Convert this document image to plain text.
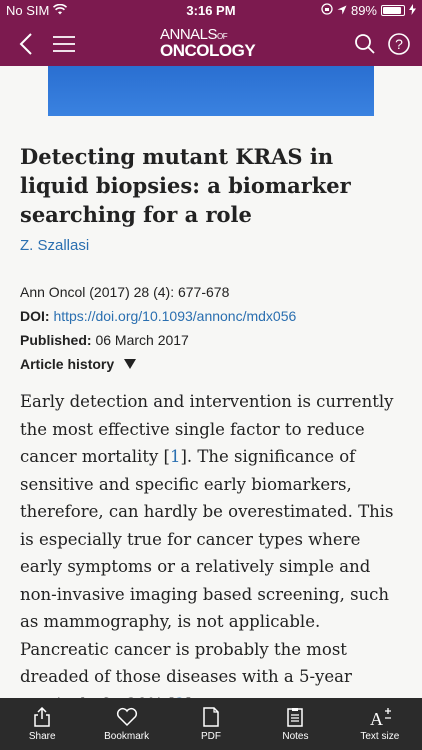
No SIM	3:16 PM	89%
ANNALSOF
ONCOLOGY	?
Detecting mutant KRAS in liquid biopsies: a biomarker searching for a role
Z. Szallasi
Ann Oncol (2017) 28 (4): 677-678
DOI: https://doi.org/10.1093/annonc/mdx056
Published: 06 March 2017
Article history

Early detection and intervention is currently the most effective single factor to reduce cancer mortality [1]. The significance of sensitive and specific early biomarkers, therefore, can hardly be overestimated. This is especially true for cancer types where early symptoms or a relatively simple and non-invasive imaging based screening, such as mammography, is not applicable. Pancreatic cancer is probably the most dreaded of those diseases with a 5-year

Share	Bookmark	PDF	Notes
A
Text size
